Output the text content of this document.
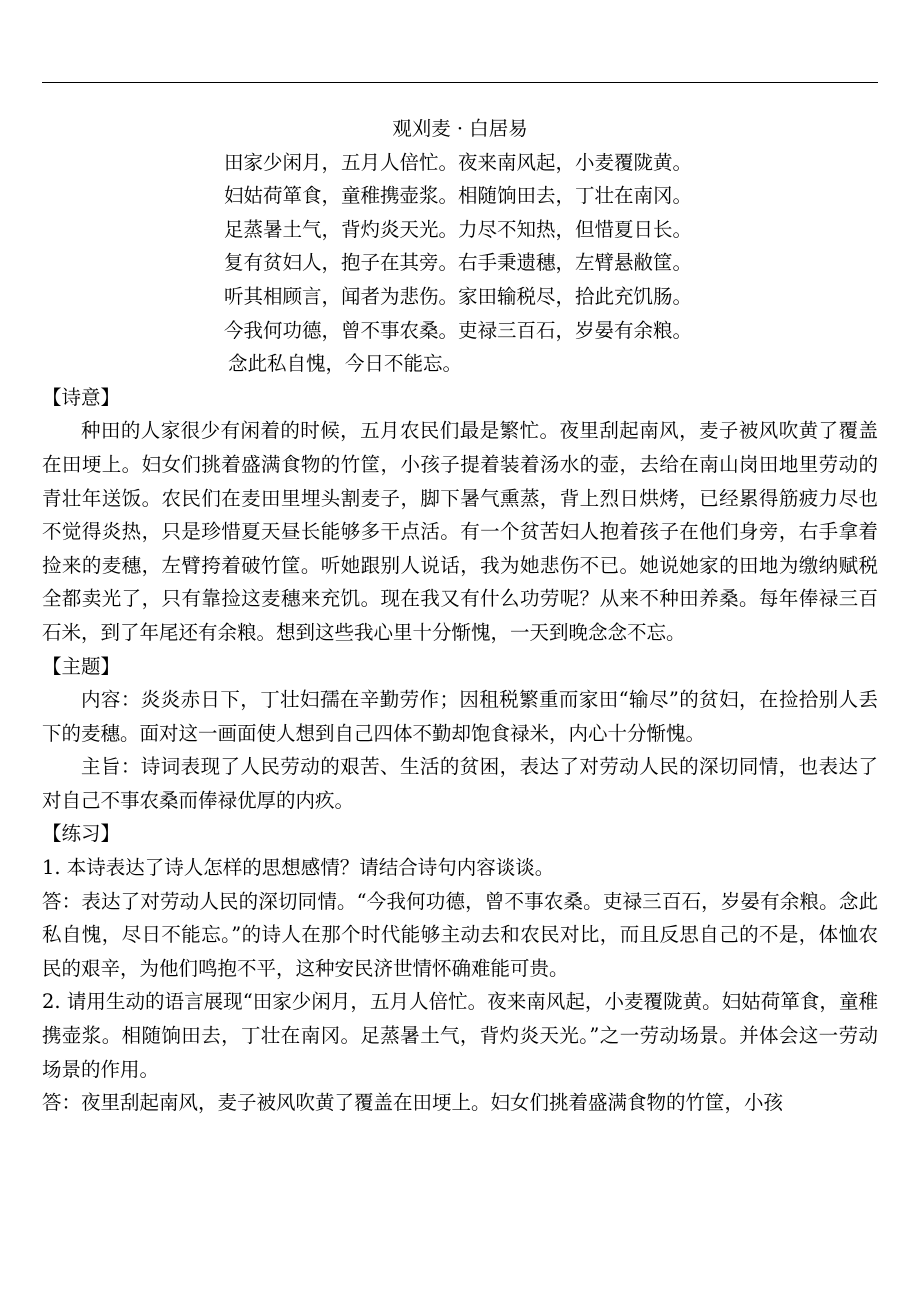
观刈麦 · 白居易

田家少闲月，五月人倍忙。夜来南风起，小麦覆陇黄。
妇姑荷箪食，童稚携壶浆。相随饷田去，丁壮在南冈。
足蒸暑土气，背灼炎天光。力尽不知热，但惜夏日长。
复有贫妇人，抱子在其旁。右手秉遗穗，左臂悬敝筐。
听其相顾言，闻者为悲伤。家田输税尽，拾此充饥肠。
今我何功德，曾不事农桑。吏禄三百石，岁晏有余粮。
念此私自愧，今日不能忘。
【诗意】

种田的人家很少有闲着的时候，五月农民们最是繁忙。夜里刮起南风，麦子被风吹黄了覆盖在田埂上。妇女们挑着盛满食物的竹筐，小孩子提着装着汤水的壶，去给在南山岗田地里劳动的青壮年送饭。农民们在麦田里埋头割麦子，脚下暑气熏蒸，背上烈日烘烤，已经累得筋疲力尽也不觉得炎热，只是珍惜夏天昼长能够多干点活。有一个贫苦妇人抱着孩子在他们身旁，右手拿着捡来的麦穗，左臂挎着破竹筐。听她跟别人说话，我为她悲伤不已。她说她家的田地为缴纳赋税全都卖光了，只有靠捡这麦穗来充饥。现在我又有什么功劳呢？从来不种田养桑。每年俸禄三百石米，到了年尾还有余粮。想到这些我心里十分惭愧，一天到晚念念不忘。

【主题】

内容：炎炎赤日下，丁壮妇孺在辛勤劳作；因租税繁重而家田“输尽”的贫妇，在捡拾别人丢下的麦穗。面对这一画面使人想到自己四体不勤却饱食禄米，内心十分惭愧。

主旨：诗词表现了人民劳动的艰苦、生活的贫困，表达了对劳动人民的深切同情，也表达了对自己不事农桑而俸禄优厚的内疚。

【练习】

1. 本诗表达了诗人怎样的思想感情？请结合诗句内容谈谈。

答：表达了对劳动人民的深切同情。“今我何功德，曾不事农桑。吏禄三百石，岁晏有余粮。念此私自愧，尽日不能忘。”的诗人在那个时代能够主动去和农民对比，而且反思自己的不是，体恤农民的艰辛，为他们鸣抱不平，这种安民济世情怀确难能可贵。

2. 请用生动的语言展现“田家少闲月，五月人倍忙。夜来南风起，小麦覆陇黄。妇姑荷箪食，童稚携壶浆。相随饷田去，丁壮在南冈。足蒸暑土气，背灼炎天光。”之一劳动场景。并体会这一劳动场景的作用。

答：夜里刮起南风，麦子被风吹黄了覆盖在田埂上。妇女们挑着盛满食物的竹筐，小孩
